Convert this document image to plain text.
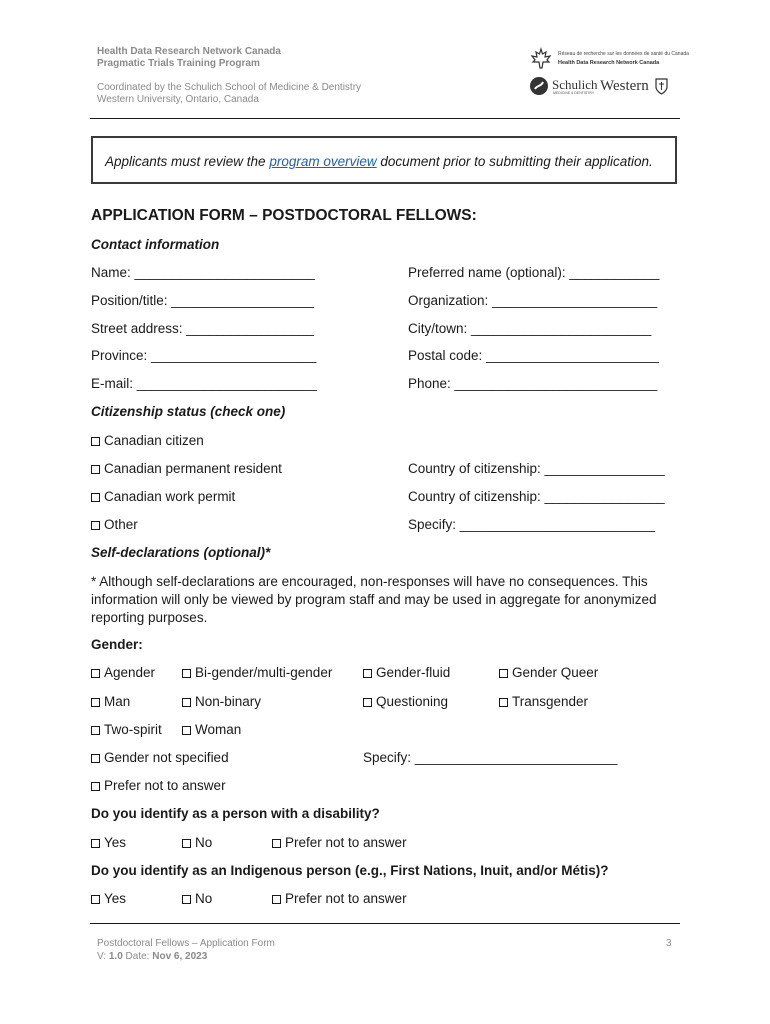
Health Data Research Network Canada
Pragmatic Trials Training Program
Coordinated by the Schulich School of Medicine & Dentistry
Western University, Ontario, Canada
Réseau de recherche sur les données de santé du Canada
Health Data Research Network Canada
Schulich
MEDICINE & DENTISTRY Western
Applicants must review the program overview document prior to submitting their application.
APPLICATION FORM – POSTDOCTORAL FELLOWS:
Contact information
Name: ________________________	Preferred name (optional): ____________
Position/title: ___________________	Organization: ______________________
Street address: _________________	City/town: ________________________
Province: ______________________	Postal code: _______________________
E-mail: ________________________	Phone: ___________________________
Citizenship status (check one)
Canadian citizen
Canadian permanent resident	Country of citizenship: ________________
Canadian work permit	Country of citizenship: ________________
Other	Specify: __________________________
Self-declarations (optional)*
* Although self-declarations are encouraged, non-responses will have no consequences. This information will only be viewed by program staff and may be used in aggregate for anonymized reporting purposes.
Gender:
Agender	Bi-gender/multi-gender	Gender-fluid	Gender Queer
Man	Non-binary	Questioning	Transgender
Two-spirit	Woman
Gender not specified	Specify: ___________________________
Prefer not to answer
Do you identify as a person with a disability?
Yes	No	Prefer not to answer
Do you identify as an Indigenous person (e.g., First Nations, Inuit, and/or Métis)?
Yes	No	Prefer not to answer
Postdoctoral Fellows – Application Form
V: 1.0 Date: Nov 6, 2023
3
